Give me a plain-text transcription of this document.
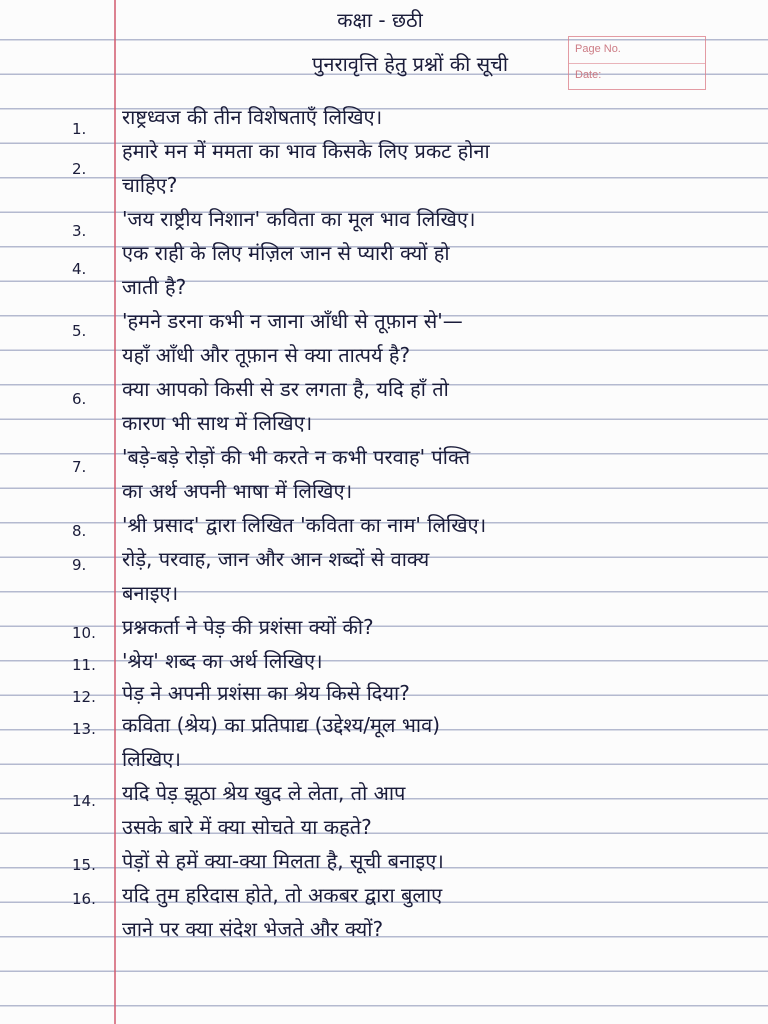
Page No.
Date:
कक्षा - छठी
पुनरावृत्ति हेतु प्रश्नों की सूची
1.	राष्ट्रध्वज की तीन विशेषताएँ लिखिए।
2.
हमारे मन में ममता का भाव किसके लिए प्रकट होना
चाहिए?
3.	'जय राष्ट्रीय निशान' कविता का मूल भाव लिखिए।
4.
एक राही के लिए मंज़िल जान से प्यारी क्यों हो
जाती है?
5.	'हमने डरना कभी न जाना आँधी से तूफ़ान से'—
यहाँ आँधी और तूफ़ान से क्या तात्पर्य है?
6.	क्या आपको किसी से डर लगता है, यदि हाँ तो
कारण भी साथ में लिखिए।
7.	'बड़े-बड़े रोड़ों की भी करते न कभी परवाह' पंक्ति
का अर्थ अपनी भाषा में लिखिए।
8.	'श्री प्रसाद' द्वारा लिखित 'कविता का नाम' लिखिए।
9.	रोड़े, परवाह, जान और आन शब्दों से वाक्य
बनाइए।
10.	प्रश्नकर्ता ने पेड़ की प्रशंसा क्यों की?
11.	'श्रेय' शब्द का अर्थ लिखिए।
12.	पेड़ ने अपनी प्रशंसा का श्रेय किसे दिया?
13.	कविता (श्रेय) का प्रतिपाद्य (उद्देश्य/मूल भाव)
लिखिए।
14.	यदि पेड़ झूठा श्रेय खुद ले लेता, तो आप
उसके बारे में क्या सोचते या कहते?
15.	पेड़ों से हमें क्या-क्या मिलता है, सूची बनाइए।
16.	यदि तुम हरिदास होते, तो अकबर द्वारा बुलाए
जाने पर क्या संदेश भेजते और क्यों?
